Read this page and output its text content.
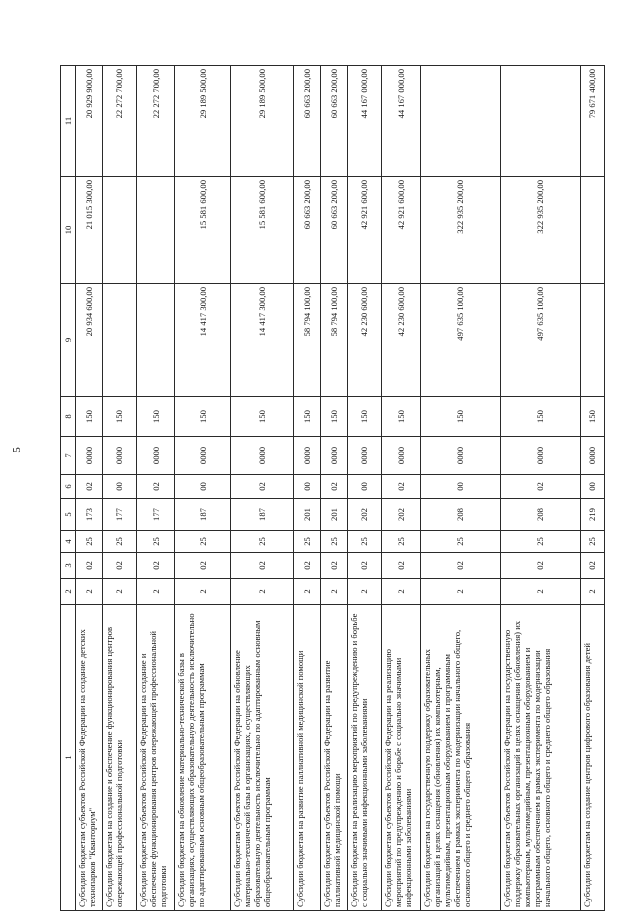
5
1	2	3	4	5	6	7	8	9	10	11
Субсидии бюджетам субъектов Российской Федерации на создание детских технопарков "Кванториум"	2	02	25	173	02	0000	150	20 934 600,00	21 015 300,00	20 929 900,00
Субсидии бюджетам на создание и обеспечение функционирования центров опережающей профессиональной подготовки	2	02	25	177	00	0000	150			22 272 700,00
Субсидии бюджетам субъектов Российской Федерации на создание и обеспечение функционирования центров опережающей профессиональной подготовки	2	02	25	177	02	0000	150			22 272 700,00
Субсидии бюджетам на обновление материально-технической базы в организациях, осуществляющих образовательную деятельность исключительно по адаптированным основным общеобразовательным программам	2	02	25	187	00	0000	150	14 417 300,00	15 581 600,00	29 189 500,00
Субсидии бюджетам субъектов Российской Федерации на обновление материально-технической базы в организациях, осуществляющих образовательную деятельность исключительно по адаптированным основным общеобразовательным программам	2	02	25	187	02	0000	150	14 417 300,00	15 581 600,00	29 189 500,00
Субсидии бюджетам на развитие паллиативной медицинской помощи	2	02	25	201	00	0000	150	58 794 100,00	60 663 200,00	60 663 200,00
Субсидии бюджетам субъектов Российской Федерации на развитие паллиативной медицинской помощи	2	02	25	201	02	0000	150	58 794 100,00	60 663 200,00	60 663 200,00
Субсидии бюджетам на реализацию мероприятий по предупреждению и борьбе с социально значимыми инфекционными заболеваниями	2	02	25	202	00	0000	150	42 230 600,00	42 921 600,00	44 167 000,00
Субсидии бюджетам субъектов Российской Федерации на реализацию мероприятий по предупреждению и борьбе с социально значимыми инфекционными заболеваниями	2	02	25	202	02	0000	150	42 230 600,00	42 921 600,00	44 167 000,00
Субсидии бюджетам на государственную поддержку образовательных организаций в целях оснащения (обновления) их компьютерным, мультимедийным, презентационным оборудованием и программным обеспечением в рамках эксперимента по модернизации начального общего, основного общего и среднего общего образования	2	02	25	208	00	0000	150	497 635 100,00	322 935 200,00	
Субсидии бюджетам субъектов Российской Федерации на государственную поддержку образовательных организаций в целях оснащения (обновления) их компьютерным, мультимедийным, презентационным оборудованием и программным обеспечением в рамках эксперимента по модернизации начального общего, основного общего и среднего общего образования	2	02	25	208	02	0000	150	497 635 100,00	322 935 200,00	
Субсидии бюджетам на создание центров цифрового образования детей	2	02	25	219	00	0000	150			79 671 400,00
